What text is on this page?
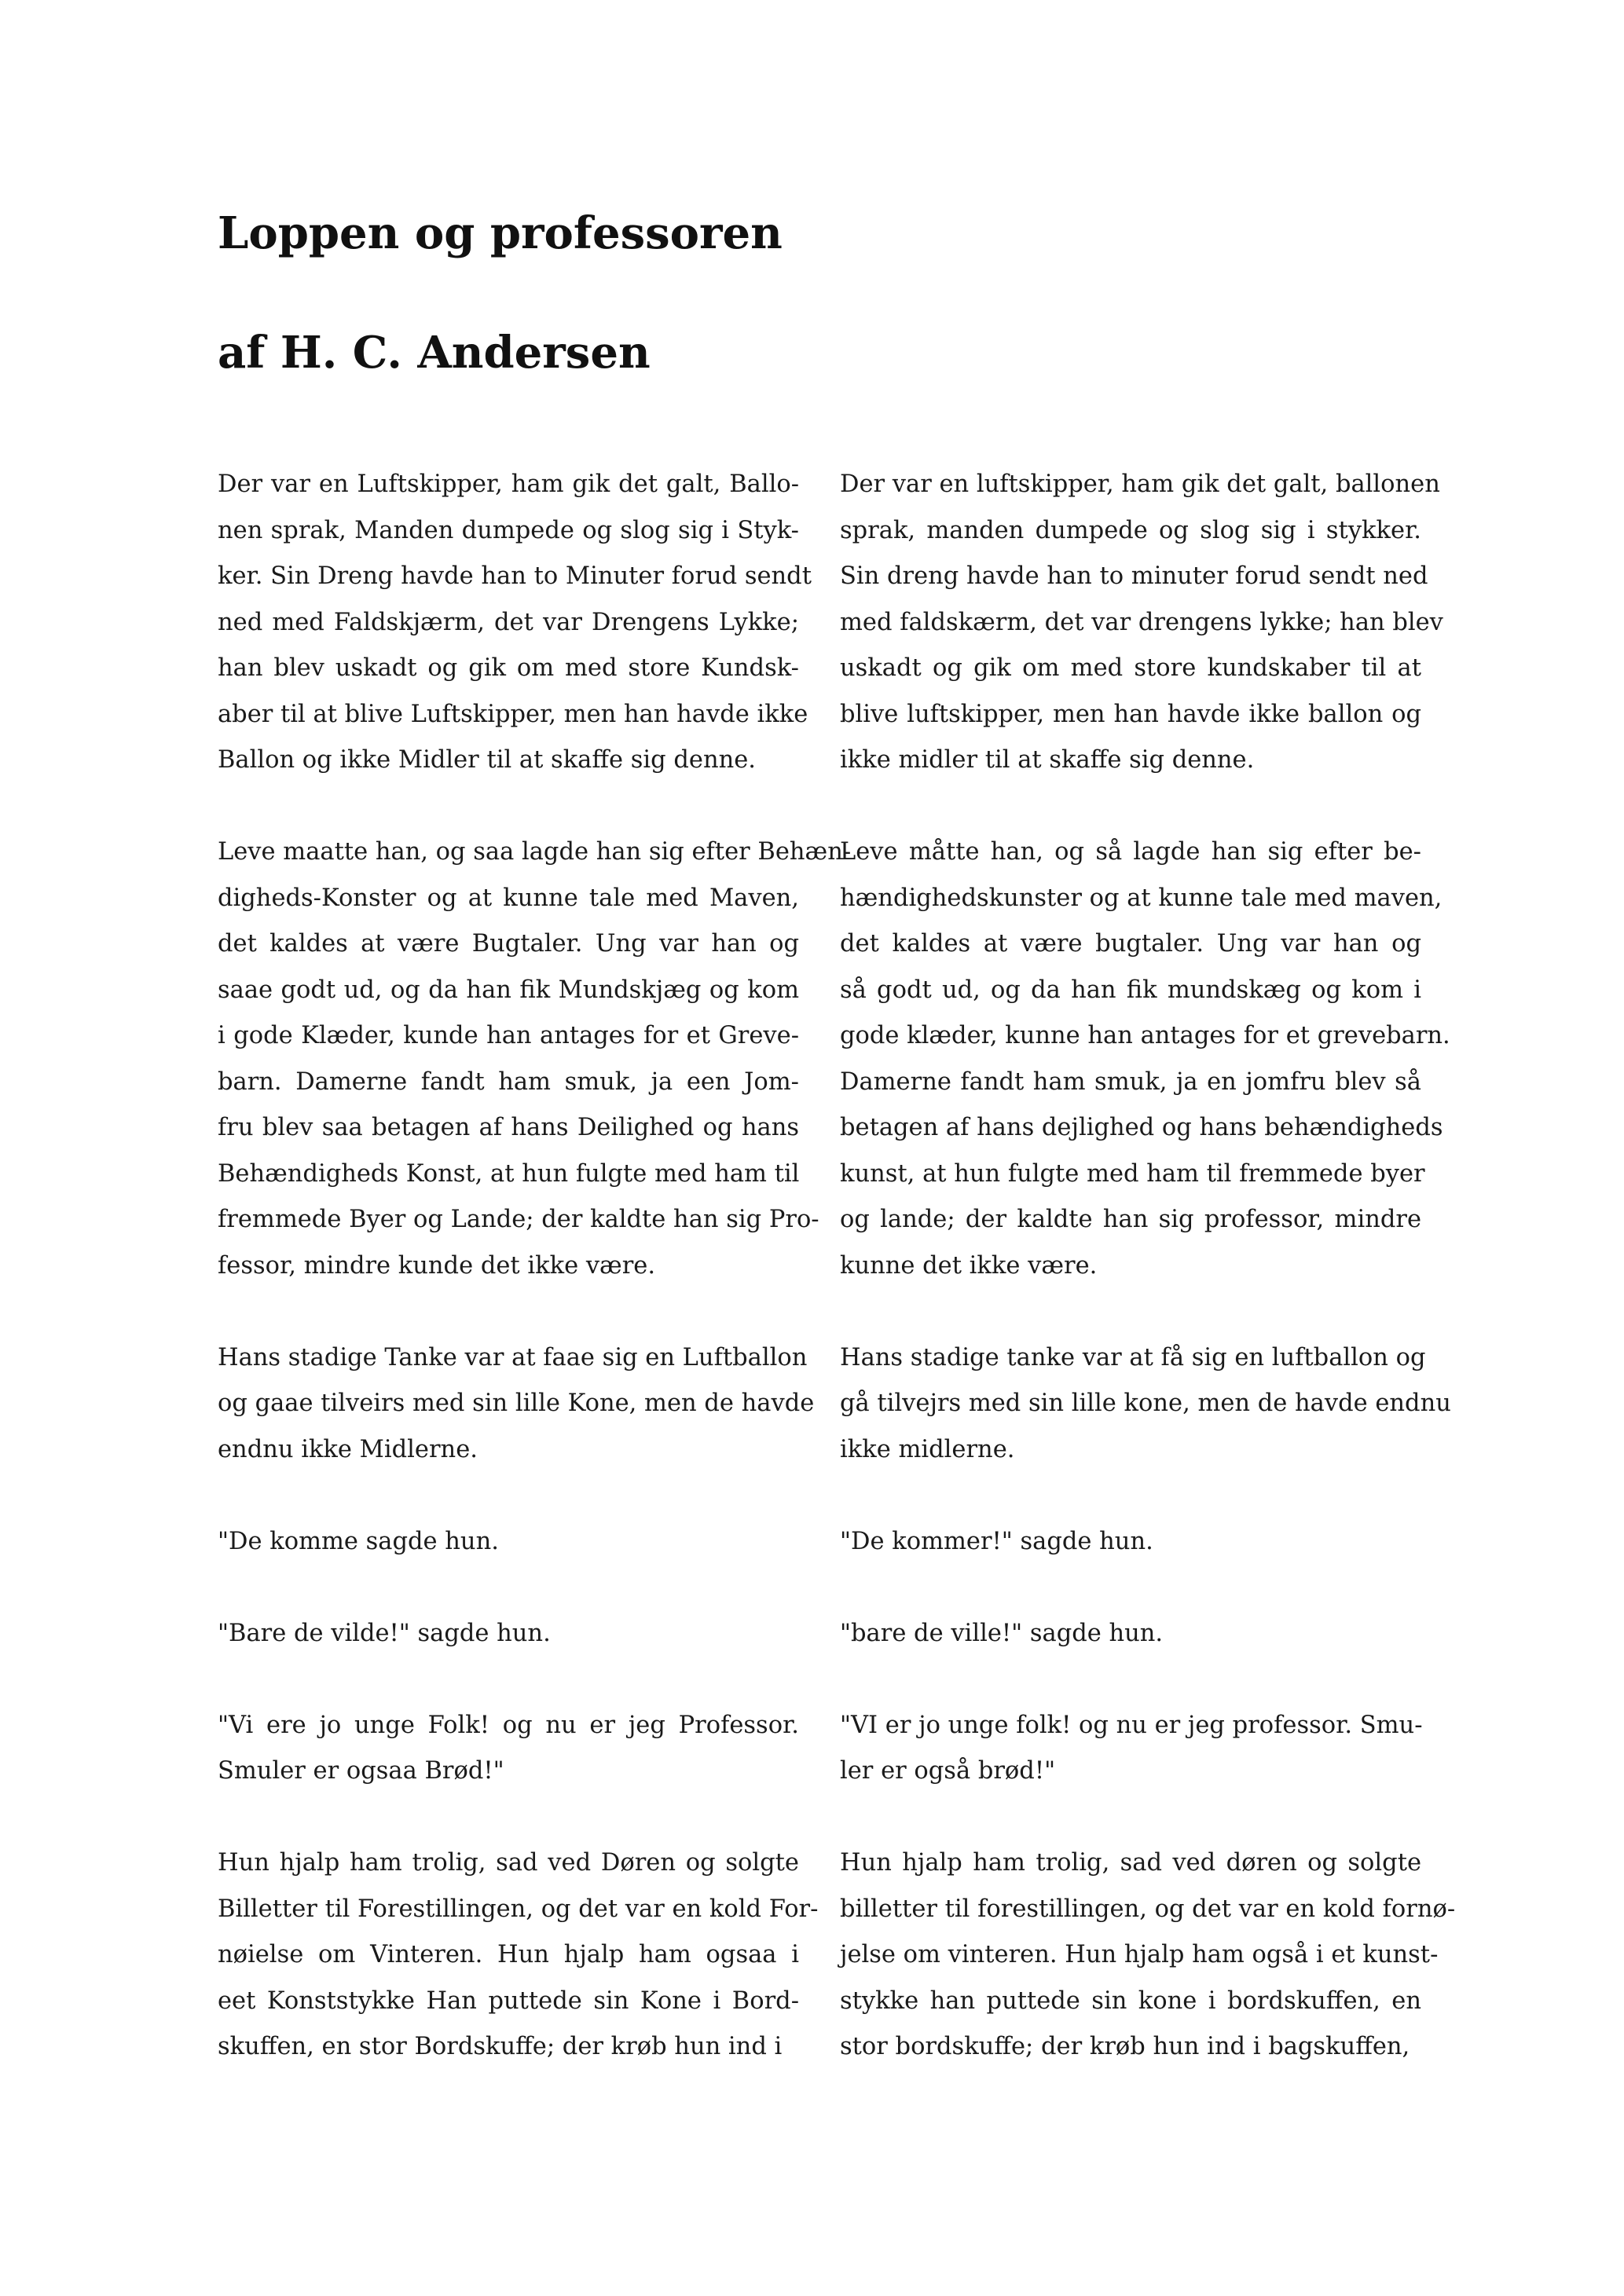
Loppen og professoren
af H. C. Andersen
Der var en Luftskipper, ham gik det galt, Ballo-
nen sprak, Manden dumpede og slog sig i Styk-
ker. Sin Dreng havde han to Minuter forud sendt
ned med Faldskjærm, det var Drengens Lykke;
han blev uskadt og gik om med store Kundsk-
aber til at blive Luftskipper, men han havde ikke
Ballon og ikke Midler til at skaffe sig denne.
Leve maatte han, og saa lagde han sig efter Behæn-
digheds-Konster og at kunne tale med Maven,
det kaldes at være Bugtaler. Ung var han og
saae godt ud, og da han fik Mundskjæg og kom
i gode Klæder, kunde han antages for et Greve-
barn. Damerne fandt ham smuk, ja een Jom-
fru blev saa betagen af hans Deilighed og hans
Behændigheds Konst, at hun fulgte med ham til
fremmede Byer og Lande; der kaldte han sig Pro-
fessor, mindre kunde det ikke være.
Hans stadige Tanke var at faae sig en Luftballon
og gaae tilveirs med sin lille Kone, men de havde
endnu ikke Midlerne.
"De komme sagde hun.
"Bare de vilde!" sagde hun.
"Vi ere jo unge Folk! og nu er jeg Professor.
Smuler er ogsaa Brød!"
Hun hjalp ham trolig, sad ved Døren og solgte
Billetter til Forestillingen, og det var en kold For-
nøielse om Vinteren. Hun hjalp ham ogsaa i
eet Konststykke Han puttede sin Kone i Bord-
skuffen, en stor Bordskuffe; der krøb hun ind i
Der var en luftskipper, ham gik det galt, ballonen
sprak, manden dumpede og slog sig i stykker.
Sin dreng havde han to minuter forud sendt ned
med faldskærm, det var drengens lykke; han blev
uskadt og gik om med store kundskaber til at
blive luftskipper, men han havde ikke ballon og
ikke midler til at skaffe sig denne.
Leve måtte han, og så lagde han sig efter be-
hændighedskunster og at kunne tale med maven,
det kaldes at være bugtaler. Ung var han og
så godt ud, og da han fik mundskæg og kom i
gode klæder, kunne han antages for et grevebarn.
Damerne fandt ham smuk, ja en jomfru blev så
betagen af hans dejlighed og hans behændigheds
kunst, at hun fulgte med ham til fremmede byer
og lande; der kaldte han sig professor, mindre
kunne det ikke være.
Hans stadige tanke var at få sig en luftballon og
gå tilvejrs med sin lille kone, men de havde endnu
ikke midlerne.
"De kommer!" sagde hun.
"bare de ville!" sagde hun.
"VI er jo unge folk! og nu er jeg professor. Smu-
ler er også brød!"
Hun hjalp ham trolig, sad ved døren og solgte
billetter til forestillingen, og det var en kold fornø-
jelse om vinteren. Hun hjalp ham også i et kunst-
stykke han puttede sin kone i bordskuffen, en
stor bordskuffe; der krøb hun ind i bagskuffen,
